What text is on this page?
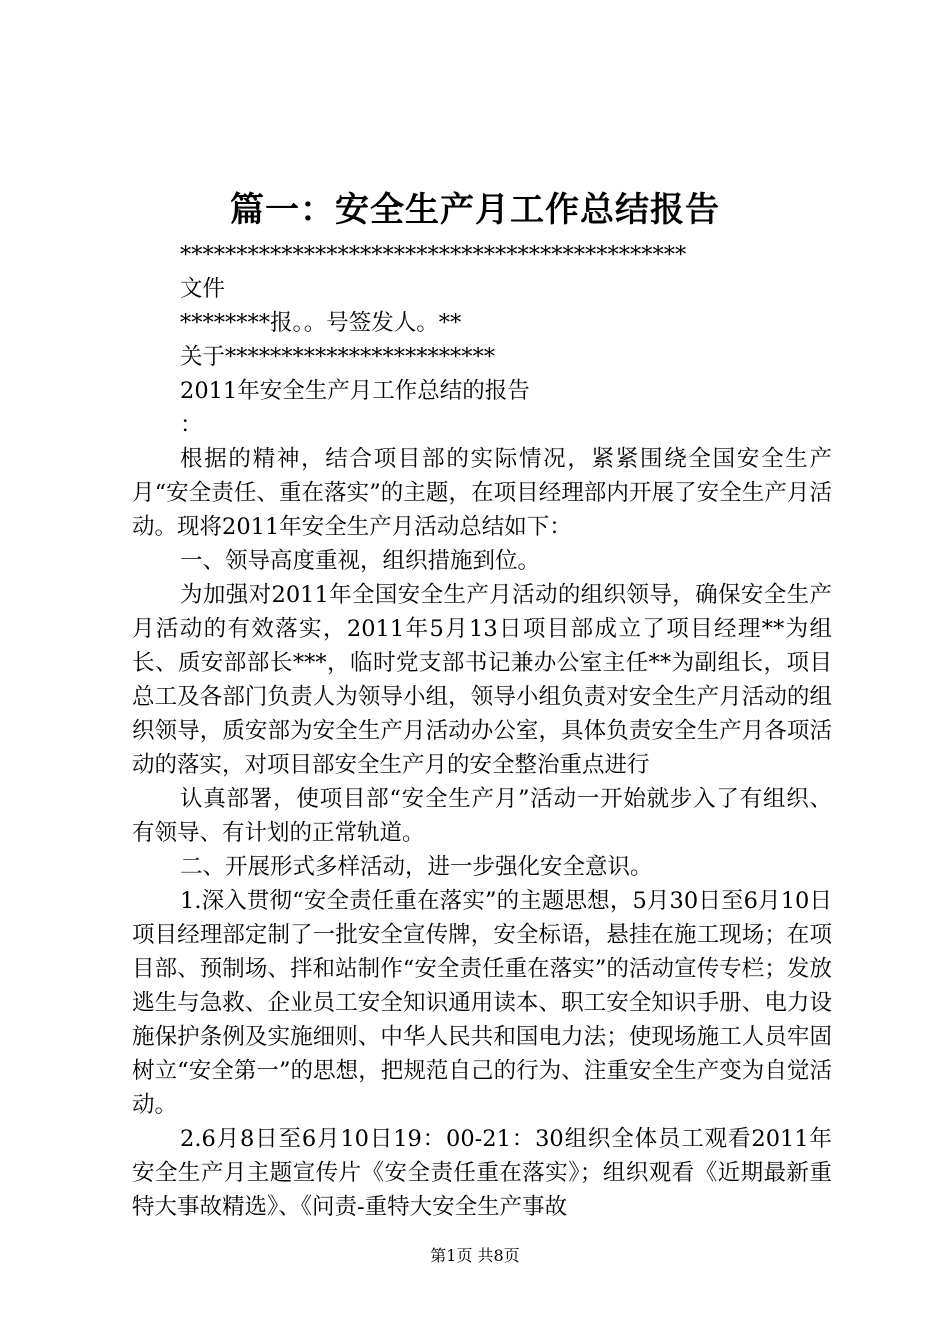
篇一：安全生产月工作总结报告
*********************************************
文件
********报。。号签发人。**
关于************************
2011年安全生产月工作总结的报告
：

根据的精神，结合项目部的实际情况，紧紧围绕全国安全生产月“安全责任、重在落实”的主题，在项目经理部内开展了安全生产月活动。现将2011年安全生产月活动总结如下：

一、领导高度重视，组织措施到位。

为加强对2011年全国安全生产月活动的组织领导，确保安全生产月活动的有效落实，2011年5月13日项目部成立了项目经理**为组长、质安部部长***，临时党支部书记兼办公室主任**为副组长，项目总工及各部门负责人为领导小组，领导小组负责对安全生产月活动的组织领导，质安部为安全生产月活动办公室，具体负责安全生产月各项活动的落实，对项目部安全生产月的安全整治重点进行

认真部署，使项目部“安全生产月”活动一开始就步入了有组织、有领导、有计划的正常轨道。

二、开展形式多样活动，进一步强化安全意识。

1.深入贯彻“安全责任重在落实”的主题思想，5月30日至6月10日项目经理部定制了一批安全宣传牌，安全标语，悬挂在施工现场；在项目部、预制场、拌和站制作“安全责任重在落实”的活动宣传专栏；发放逃生与急救、企业员工安全知识通用读本、职工安全知识手册、电力设施保护条例及实施细则、中华人民共和国电力法；使现场施工人员牢固树立“安全第一”的思想，把规范自己的行为、注重安全生产变为自觉活动。

2.6月8日至6月10日19：00-21：30组织全体员工观看2011年安全生产月主题宣传片《安全责任重在落实》；组织观看《近期最新重特大事故精选》、《问责-重特大安全生产事故

第1页 共8页
